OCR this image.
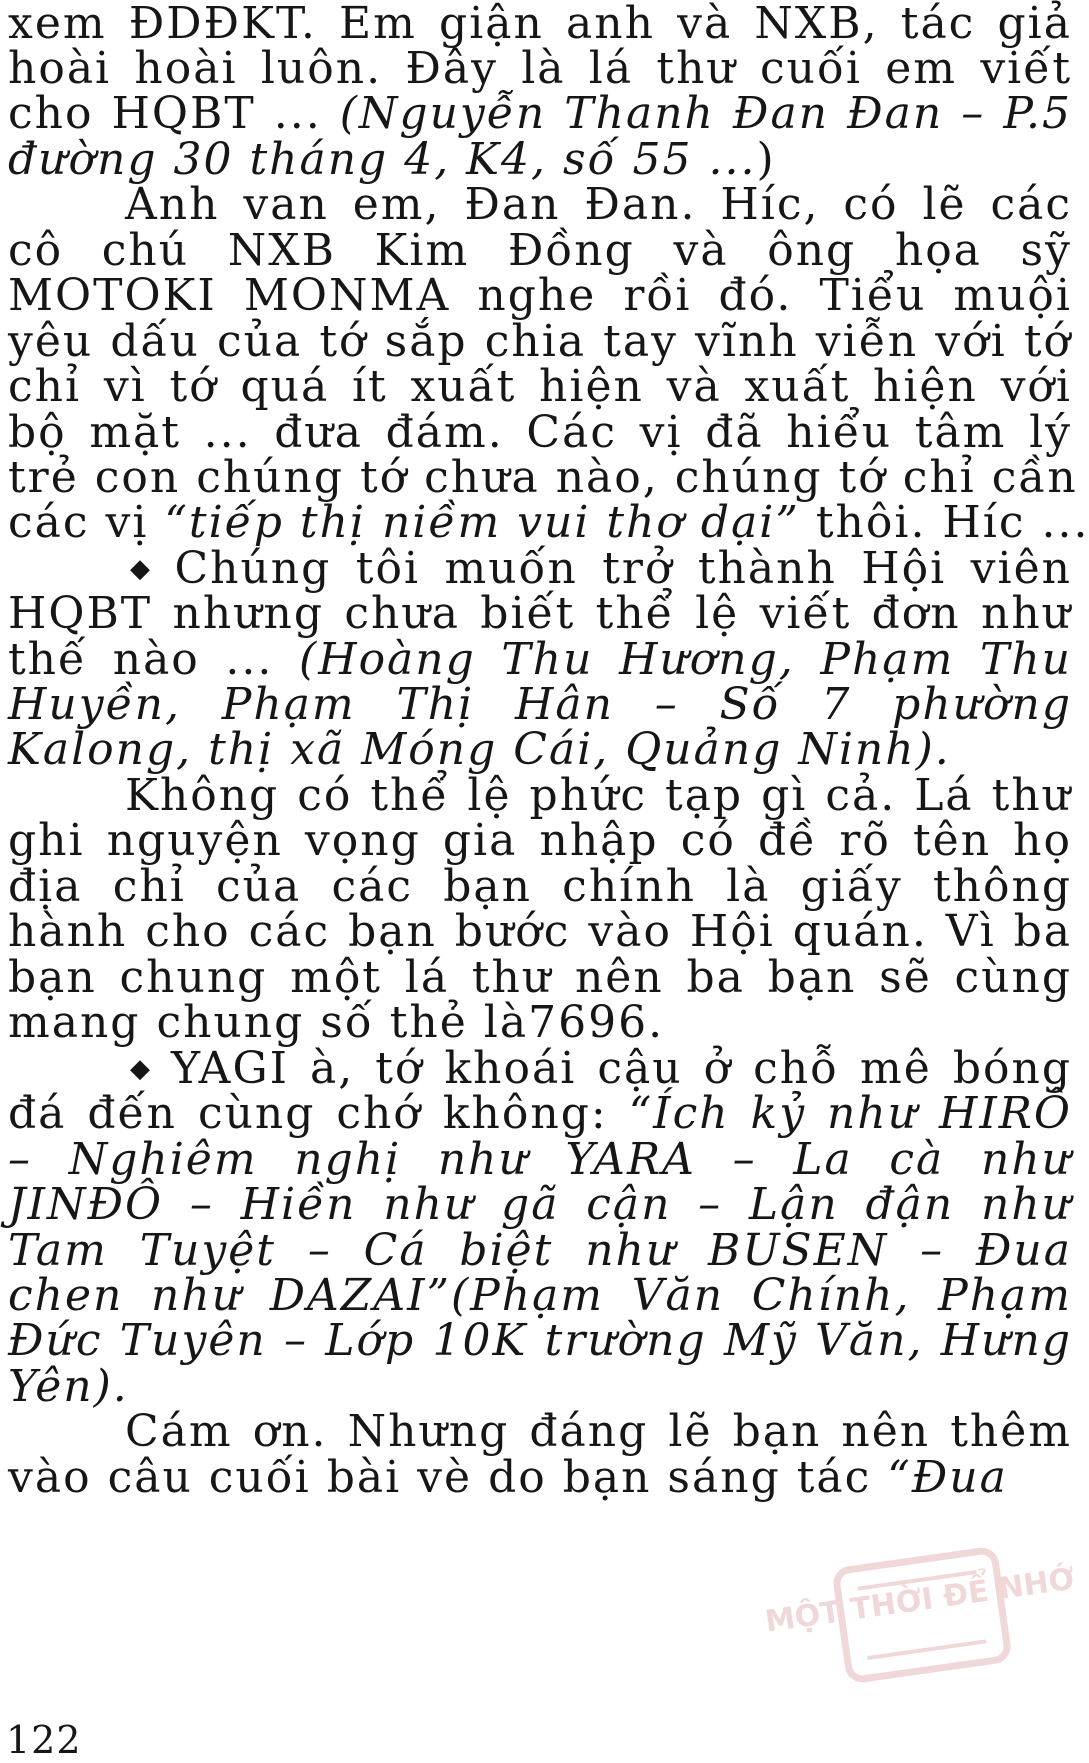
MỘT THỜI ĐỂ NHỚ
122
xem ĐDĐKT. Em giận anh và NXB, tác giả
hoài hoài luôn. Đây là lá thư cuối em viết
cho HQBT ... (Nguyễn Thanh Đan Đan – P.5
đường 30 tháng 4, K4, số 55 ...)
Anh van em, Đan Đan. Híc, có lẽ các
cô chú NXB Kim Đồng và ông họa sỹ
MOTOKI MONMA nghe rồi đó. Tiểu muội
yêu dấu của tớ sắp chia tay vĩnh viễn với tớ
chỉ vì tớ quá ít xuất hiện và xuất hiện với
bộ mặt ... đưa đám. Các vị đã hiểu tâm lý
trẻ con chúng tớ chưa nào, chúng tớ chỉ cần
các vị “tiếp thị niềm vui thơ dại” thôi. Híc ...
◆ Chúng tôi muốn trở thành Hội viên
HQBT nhưng chưa biết thể lệ viết đơn như
thế nào ... (Hoàng Thu Hương, Phạm Thu
Huyền, Phạm Thị Hân – Số 7 phường
Kalong, thị xã Móng Cái, Quảng Ninh).
Không có thể lệ phức tạp gì cả. Lá thư
ghi nguyện vọng gia nhập có đề rõ tên họ
địa chỉ của các bạn chính là giấy thông
hành cho các bạn bước vào Hội quán. Vì ba
bạn chung một lá thư nên ba bạn sẽ cùng
mang chung số thẻ là7696.
◆ YAGI à, tớ khoái cậu ở chỗ mê bóng
đá đến cùng chớ không: “Ích kỷ như HIRÔ
– Nghiêm nghị như YARA – La cà như
JINĐÔ – Hiền như gã cận – Lận đận như
Tam Tuyệt – Cá biệt như BUSEN – Đua
chen như DAZAI”(Phạm Văn Chính, Phạm
Đức Tuyên – Lớp 10K trường Mỹ Văn, Hưng
Yên).
Cám ơn. Nhưng đáng lẽ bạn nên thêm
vào câu cuối bài vè do bạn sáng tác “Đua
